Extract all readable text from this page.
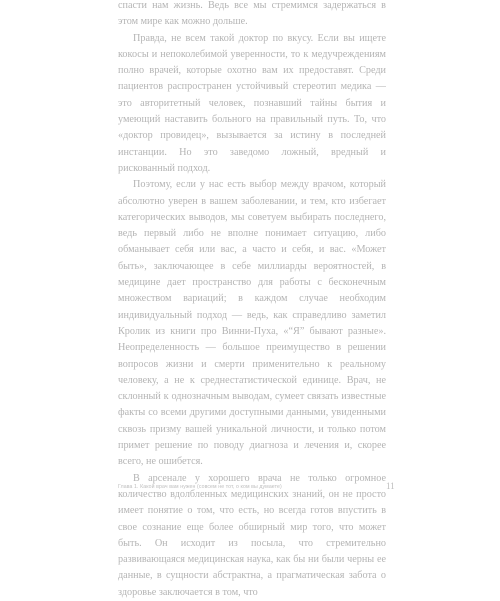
спасти нам жизнь. Ведь все мы стремимся задержаться в этом мире как можно дольше.

Правда, не всем такой доктор по вкусу. Если вы ищете кокосы и непоколебимой уверенности, то к медучреждениям полно врачей, которые охотно вам их предоставят. Среди пациентов распространен устойчивый стереотип медика — это авторитетный человек, познавший тайны бытия и умеющий наставить больного на правильный путь. То, что «доктор провидец», вызывается за истину в последней инстанции. Но это заведомо ложный, вредный и рискованный подход.

Поэтому, если у нас есть выбор между врачом, который абсолютно уверен в вашем заболевании, и тем, кто избегает категорических выводов, мы советуем выбирать последнего, ведь первый либо не вполне понимает ситуацию, либо обманывает себя или вас, а часто и себя, и вас. «Может быть», заключающее в себе миллиарды вероятностей, в медицине дает пространство для работы с бесконечным множеством вариаций; в каждом случае необходим индивидуальный подход — ведь, как справедливо заметил Кролик из книги про Винни-Пуха, «“Я” бывают разные». Неопределенность — большое преимущество в решении вопросов жизни и смерти применительно к реальному человеку, а не к среднестатистической единице. Врач, не склонный к однозначным выводам, сумеет связать известные факты со всеми другими доступными данными, увиденными сквозь призму вашей уникальной личности, и только потом примет решение по поводу диагноза и лечения и, скорее всего, не ошибется.

В арсенале у хорошего врача не только огромное количество вдолбленных медицинских знаний, он не просто имеет понятие о том, что есть, но всегда готов впустить в свое сознание еще более обширный мир того, что может быть. Он исходит из посыла, что стремительно развивающаяся медицинская наука, как бы ни были черны ее данные, в сущности абстрактна, а прагматическая забота о здоровье заключается в том, что

Глава 1. Какой врач вам нужен (совсем не тот, о ком вы думаете)	11
